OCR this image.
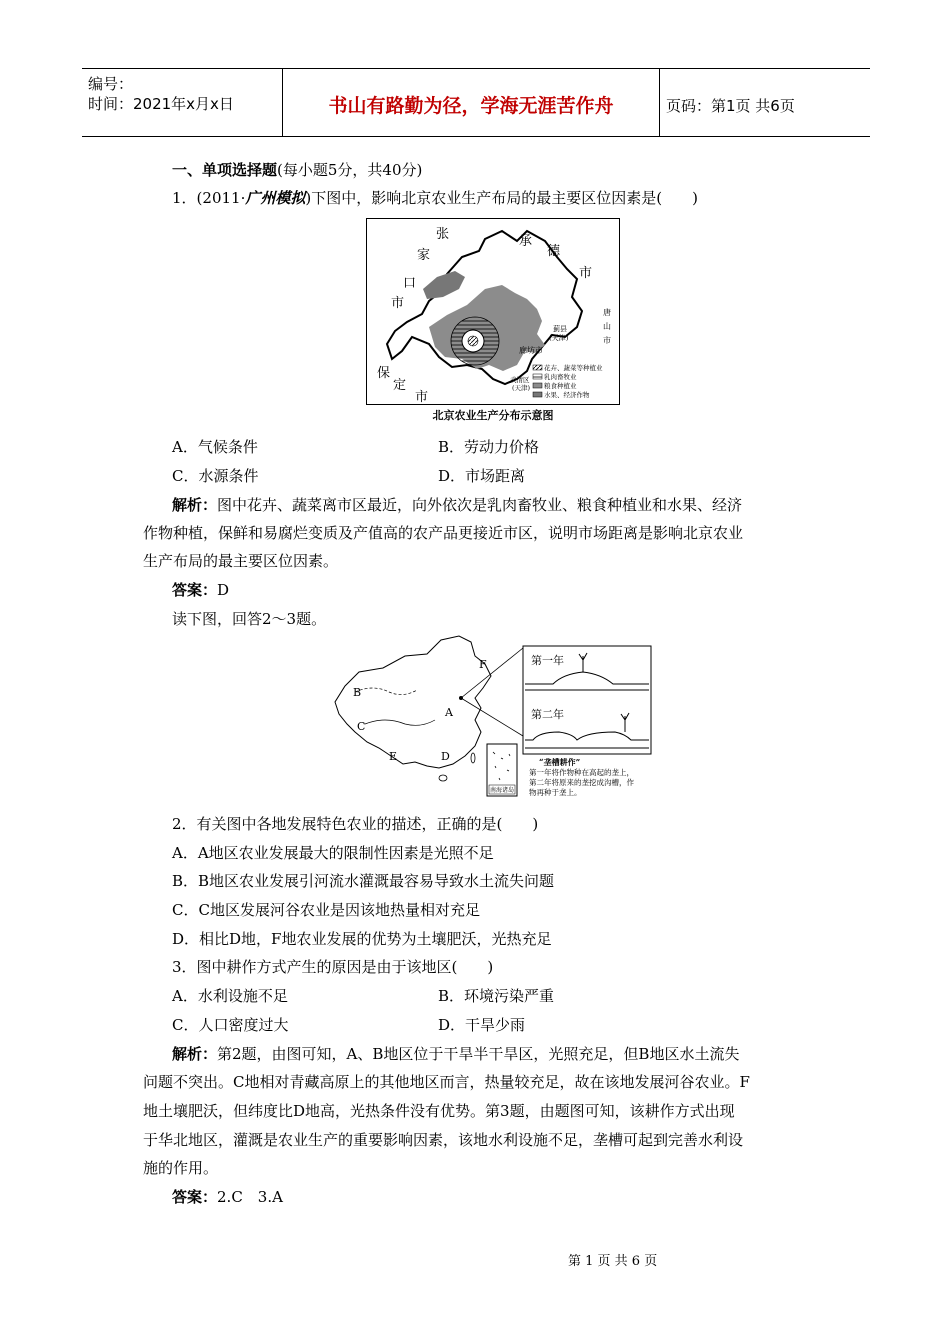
编号：
时间：2021年x月x日	书山有路勤为径，学海无涯苦作舟	页码：第1页 共6页
一、单项选择题(每小题5分，共40分)
1．(2011·广州模拟)下图中，影响北京农业生产布局的最主要区位因素是(　　)
张
家
口
市
承
德
市
保
定
市
唐
山
市
蓟县
(天津)
廊坊市
武清区
(天津)
花卉、蔬菜等种植业
乳肉畜牧业
粮食种植业
水果、经济作物
北京农业生产分布示意图
A．气候条件	B．劳动力价格
C．水源条件	D．市场距离
解析：图中花卉、蔬菜离市区最近，向外依次是乳肉畜牧业、粮食种植业和水果、经济
作物种植，保鲜和易腐烂变质及产值高的农产品更接近市区，说明市场距离是影响北京农业
生产布局的最主要区位因素。
答案：D
读下图，回答2～3题。
A
B
C
D
E
F
南海诸岛
第一年
第二年
“垄槽耕作”
第一年将作物种在高起的垄上，
第二年将原来的垄挖成沟槽，作
物再种于垄上。
2．有关图中各地发展特色农业的描述，正确的是(　　)
A．A地区农业发展最大的限制性因素是光照不足
B．B地区农业发展引河流水灌溉最容易导致水土流失问题
C．C地区发展河谷农业是因该地热量相对充足
D．相比D地，F地农业发展的优势为土壤肥沃，光热充足
3．图中耕作方式产生的原因是由于该地区(　　)
A．水利设施不足	B．环境污染严重
C．人口密度过大	D．干旱少雨
解析：第2题，由图可知，A、B地区位于干旱半干旱区，光照充足，但B地区水土流失
问题不突出。C地相对青藏高原上的其他地区而言，热量较充足，故在该地发展河谷农业。F
地土壤肥沃，但纬度比D地高，光热条件没有优势。第3题，由题图可知，该耕作方式出现
于华北地区，灌溉是农业生产的重要影响因素，该地水利设施不足，垄槽可起到完善水利设
施的作用。
答案：2.C　3.A
第 1 页 共 6 页
